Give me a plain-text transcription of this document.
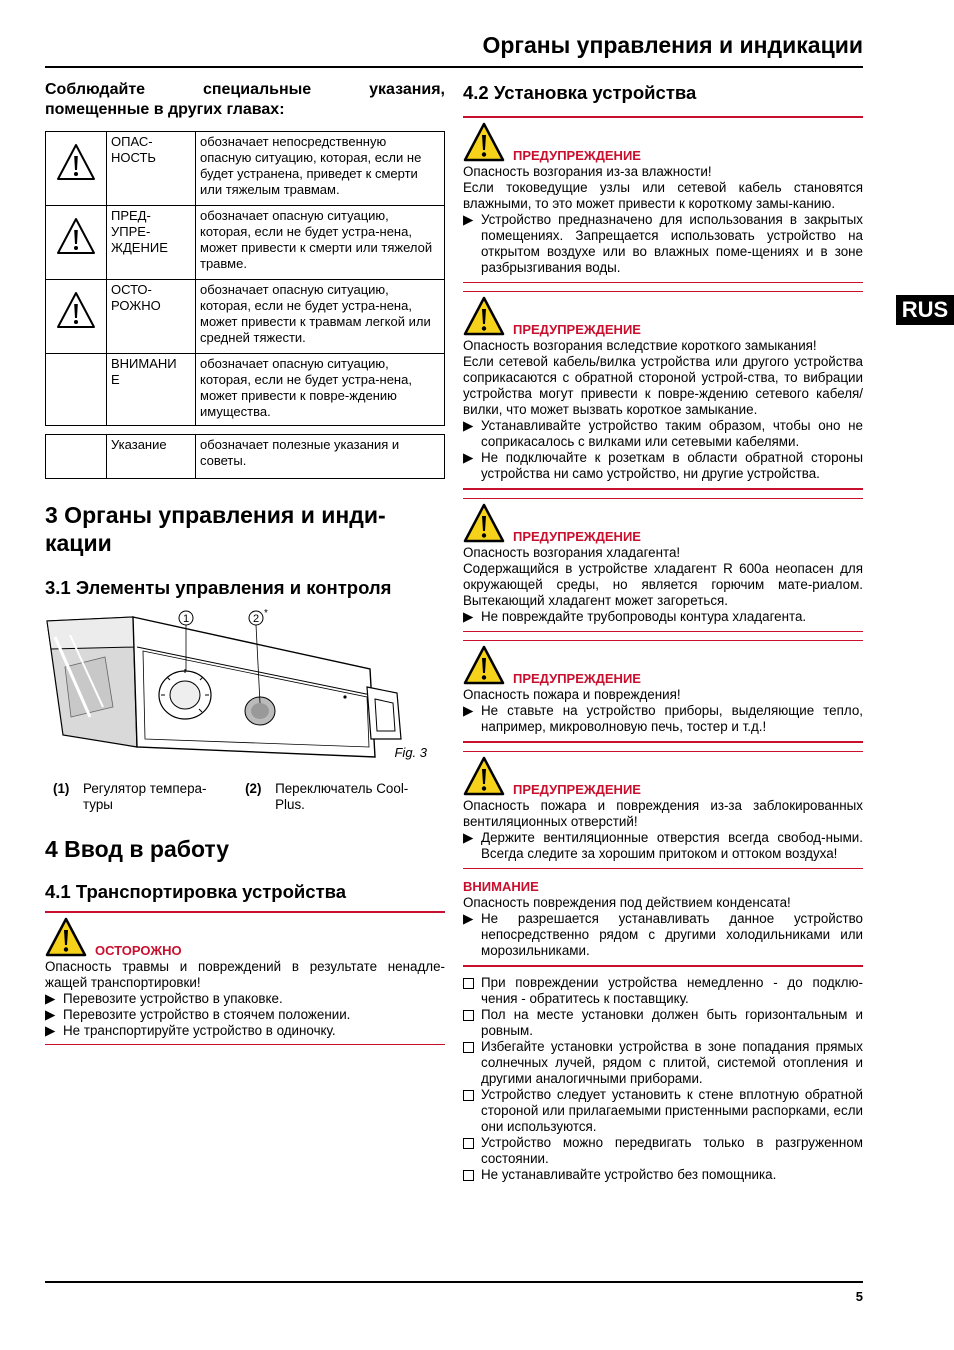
Органы управления и индикации
RUS

Соблюдайте специальные указания, помещенные в других главах:

	ОПАС-
НОСТЬ	обозначает непосредственную опасную ситуацию, которая, если не будет устранена, приведет к смерти или тяжелым травмам.
	ПРЕД-
УПРЕ-
ЖДЕНИЕ	обозначает опасную ситуацию, которая, если не будет устра-нена, может привести к смерти или тяжелой травме.
	ОСТО-
РОЖНО	обозначает опасную ситуацию, которая, если не будет устра-нена, может привести к травмам легкой или средней тяжести.
	ВНИМАНИ
Е	обозначает опасную ситуацию, которая, если не будет устра-нена, может привести к повре-ждению имущества.
	Указание	обозначает полезные указания и советы.
3 Органы управления и инди-
кации
3.1 Элементы управления и контроля
1	2 *
Fig. 3
(1)	Регулятор темпера-туры
(2)	Переключатель Cool-Plus.
4 Ввод в работу
4.1 Транспортировка устройства
ОСТОРОЖНО

Опасность травмы и повреждений в результате ненадле-жащей транспортировки!

▶ Перевозите устройство в упаковке.
▶ Перевозите устройство в стоячем положении.
▶ Не транспортируйте устройство в одиночку.
4.2 Установка устройства
ПРЕДУПРЕЖДЕНИЕ

Опасность возгорания из-за влажности!

Если токоведущие узлы или сетевой кабель становятся влажными, то это может привести к короткому замы-канию.

▶ Устройство предназначено для использования в закрытых помещениях. Запрещается использовать устройство на открытом воздухе или во влажных поме-щениях и в зоне разбрызгивания воды.
ПРЕДУПРЕЖДЕНИЕ

Опасность возгорания вследствие короткого замыкания!

Если сетевой кабель/вилка устройства или другого устройства соприкасаются с обратной стороной устрой-ства, то вибрации устройства могут привести к повре-ждению сетевого кабеля/вилки, что может вызвать короткое замыкание.

▶ Устанавливайте устройство таким образом, чтобы оно не соприкасалось с вилками или сетевыми кабелями.
▶ Не подключайте к розеткам в области обратной стороны устройства ни само устройство, ни другие устройства.
ПРЕДУПРЕЖДЕНИЕ

Опасность возгорания хладагента!

Содержащийся в устройстве хладагент R 600a неопасен для окружающей среды, но является горючим мате-риалом. Вытекающий хладагент может загореться.

▶ Не повреждайте трубопроводы контура хладагента.
ПРЕДУПРЕЖДЕНИЕ

Опасность пожара и повреждения!

▶ Не ставьте на устройство приборы, выделяющие тепло, например, микроволновую печь, тостер и т.д.!
ПРЕДУПРЕЖДЕНИЕ

Опасность пожара и повреждения из-за заблокированных вентиляционных отверстий!

▶ Держите вентиляционные отверстия всегда свобод-ными. Всегда следите за хорошим притоком и оттоком воздуха!
ВНИМАНИЕ

Опасность повреждения под действием конденсата!

▶ Не разрешается устанавливать данное устройство непосредственно рядом с другими холодильниками или морозильниками.
При повреждении устройства немедленно - до подклю-чения - обратитесь к поставщику.
Пол на месте установки должен быть горизонтальным и ровным.
Избегайте установки устройства в зоне попадания прямых солнечных лучей, рядом с плитой, системой отопления и другими аналогичными приборами.
Устройство следует установить к стене вплотную обратной стороной или прилагаемыми пристенными распорками, если они используются.
Устройство можно передвигать только в разгруженном состоянии.
Не устанавливайте устройство без помощника.
5
